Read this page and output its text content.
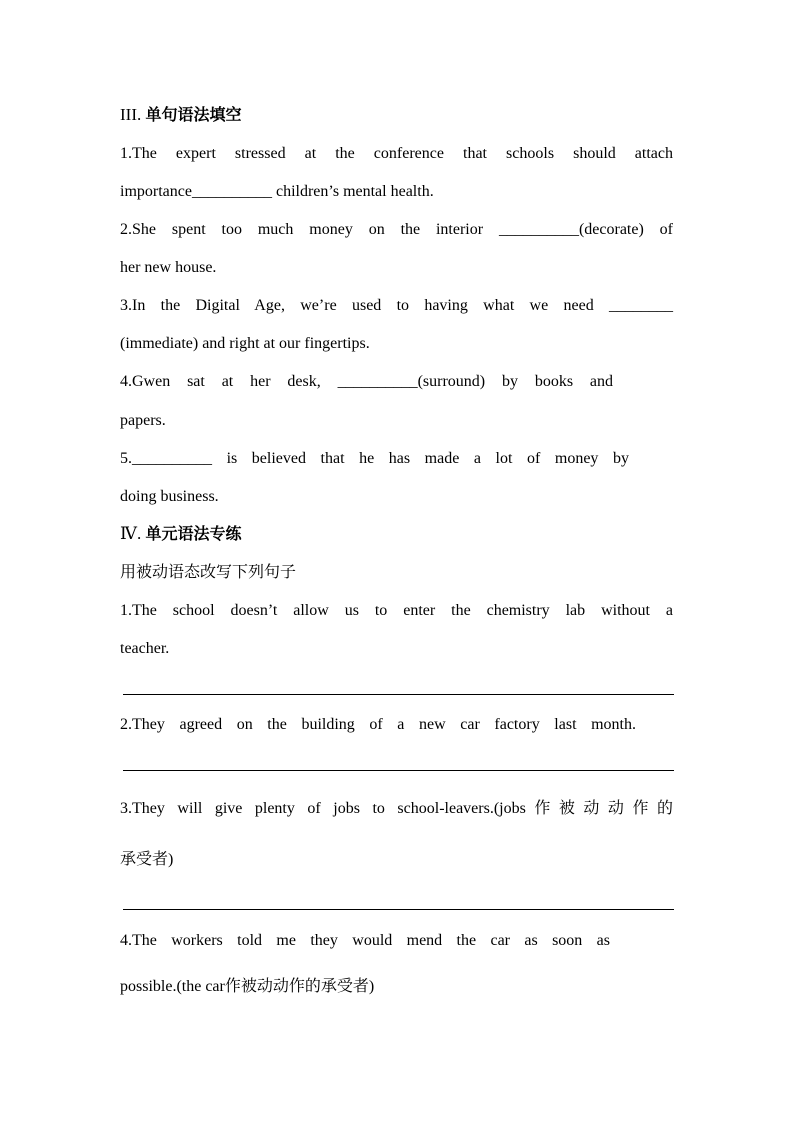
III. 单句语法填空
1.The expert stressed at the conference that schools should attach
importance__________ children’s mental health.
2.She spent too much money on the interior __________(decorate) of
her new house.
3.In the Digital Age, we’re used to having what we need ________
(immediate) and right at our fingertips.
4.Gwen sat at her desk, __________(surround) by books and
papers.
5.__________ is believed that he has made a lot of money by
doing business.
Ⅳ. 单元语法专练
用被动语态改写下列句子
1.The school doesn’t allow us to enter the chemistry lab without a
teacher.
2.They agreed on the building of a new car factory last month.
3.They will give plenty of jobs to school-leavers.(jobs作被动动作的
承受者)
4.The workers told me they would mend the car as soon as
possible.(the car作被动动作的承受者)
